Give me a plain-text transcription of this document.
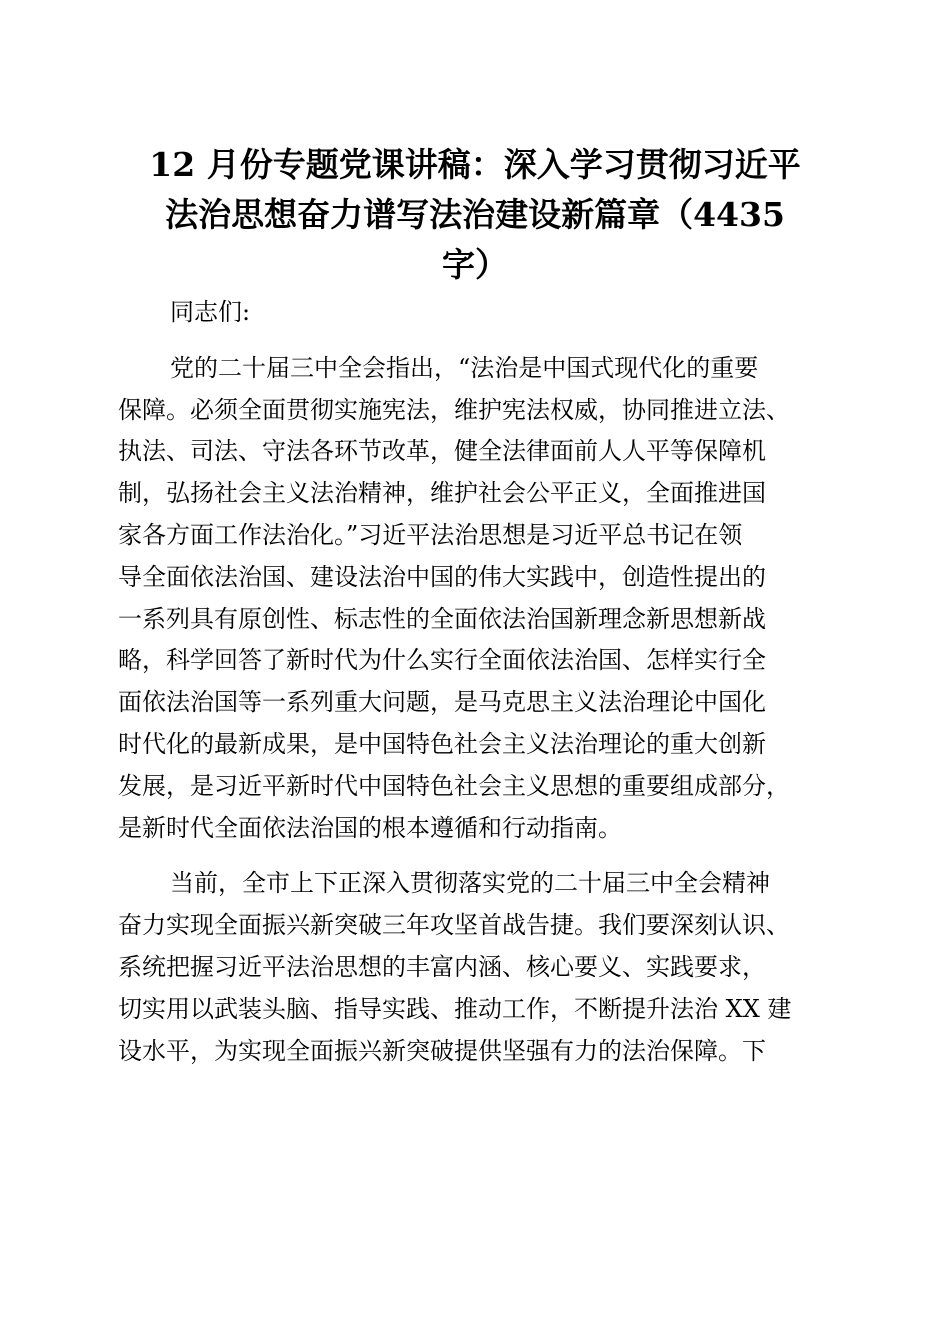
12 月份专题党课讲稿：深入学习贯彻习近平
法治思想奋力谱写法治建设新篇章（4435
字）
同志们:
党的二十届三中全会指出，“法治是中国式现代化的重要
保障。必须全面贯彻实施宪法，维护宪法权威，协同推进立法、
执法、司法、守法各环节改革，健全法律面前人人平等保障机
制，弘扬社会主义法治精神，维护社会公平正义，全面推进国
家各方面工作法治化。”习近平法治思想是习近平总书记在领
导全面依法治国、建设法治中国的伟大实践中，创造性提出的
一系列具有原创性、标志性的全面依法治国新理念新思想新战
略，科学回答了新时代为什么实行全面依法治国、怎样实行全
面依法治国等一系列重大问题，是马克思主义法治理论中国化
时代化的最新成果，是中国特色社会主义法治理论的重大创新
发展，是习近平新时代中国特色社会主义思想的重要组成部分，
是新时代全面依法治国的根本遵循和行动指南。
当前，全市上下正深入贯彻落实党的二十届三中全会精神
奋力实现全面振兴新突破三年攻坚首战告捷。我们要深刻认识、
系统把握习近平法治思想的丰富内涵、核心要义、实践要求，
切实用以武装头脑、指导实践、推动工作，不断提升法治 XX 建
设水平，为实现全面振兴新突破提供坚强有力的法治保障。下
